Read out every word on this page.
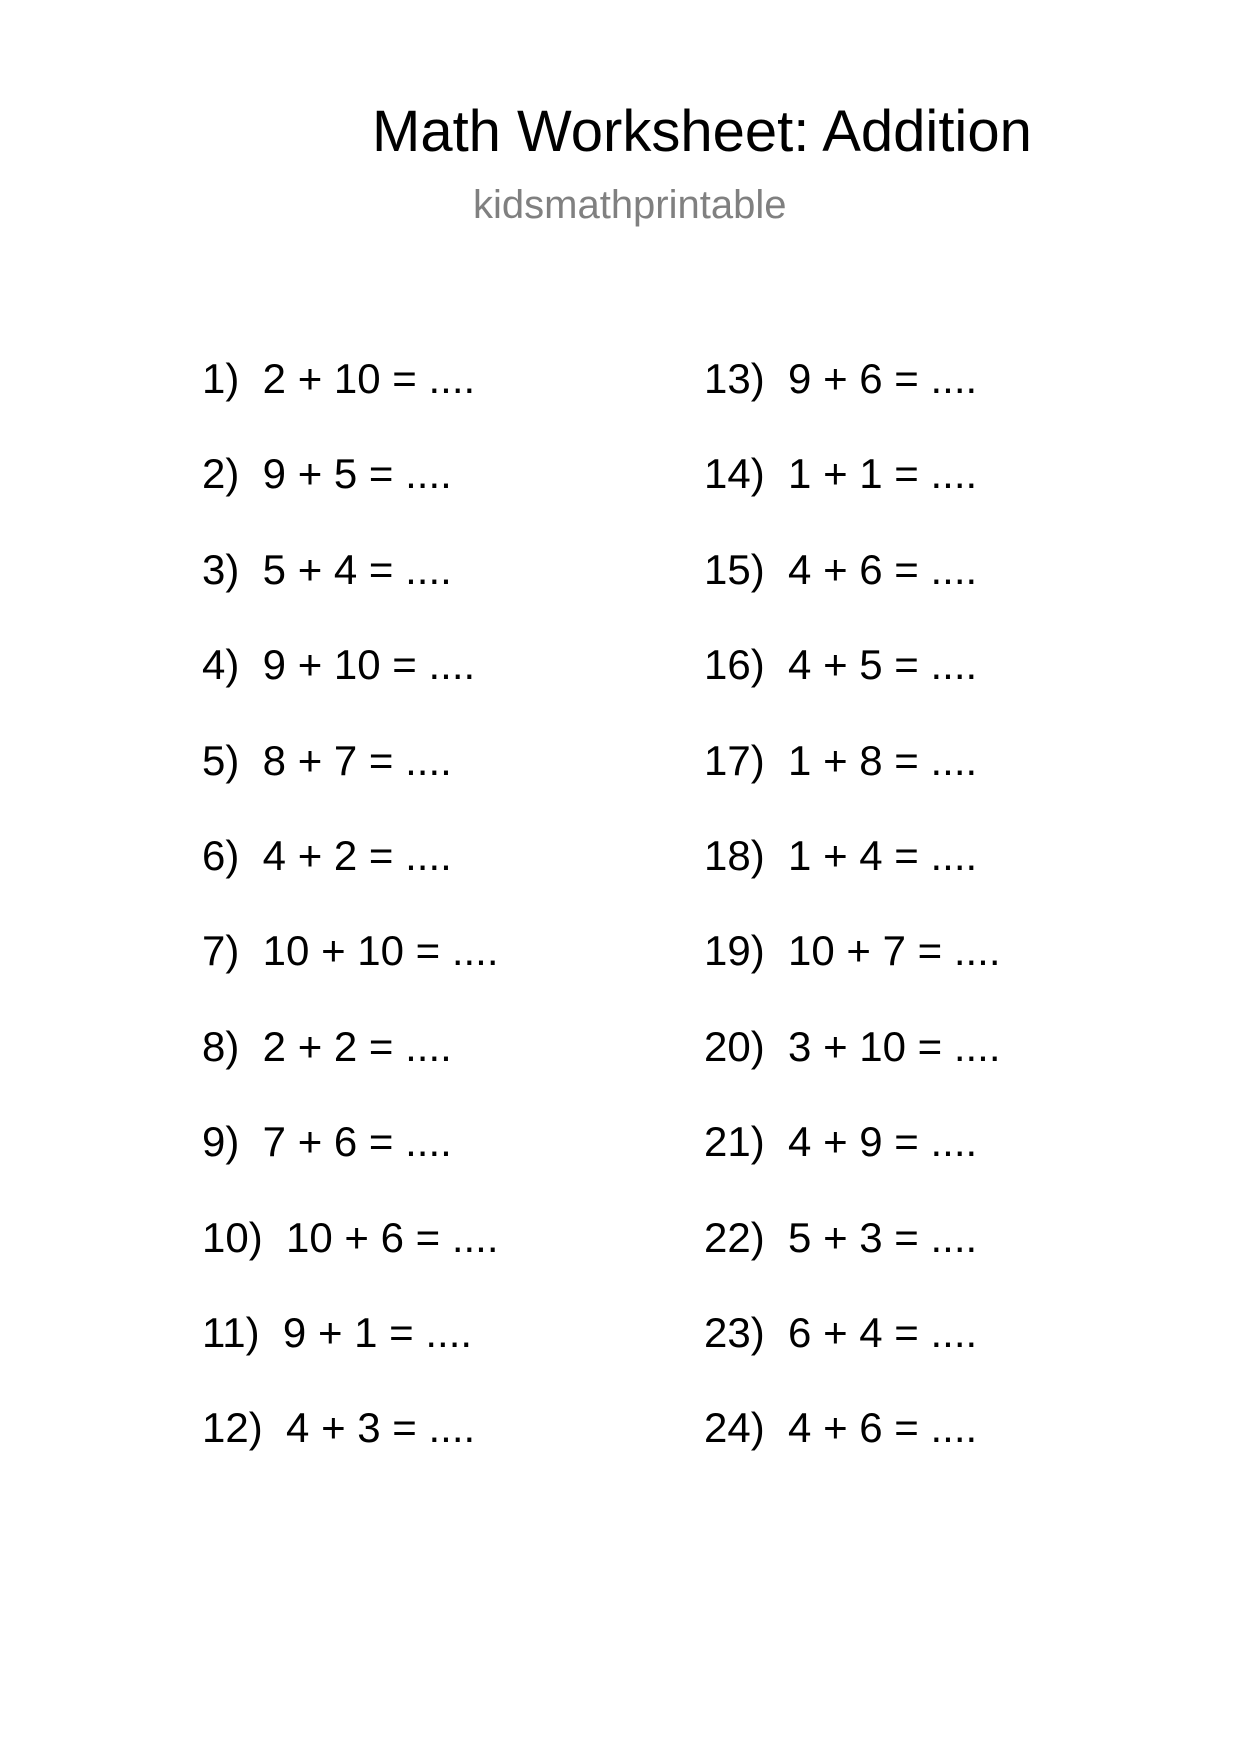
Math Worksheet: Addition
kidsmathprintable
1)  2 + 10 = ....
2)  9 + 5 = ....
3)  5 + 4 = ....
4)  9 + 10 = ....
5)  8 + 7 = ....
6)  4 + 2 = ....
7)  10 + 10 = ....
8)  2 + 2 = ....
9)  7 + 6 = ....
10)  10 + 6 = ....
11)  9 + 1 = ....
12)  4 + 3 = ....
13)  9 + 6 = ....
14)  1 + 1 = ....
15)  4 + 6 = ....
16)  4 + 5 = ....
17)  1 + 8 = ....
18)  1 + 4 = ....
19)  10 + 7 = ....
20)  3 + 10 = ....
21)  4 + 9 = ....
22)  5 + 3 = ....
23)  6 + 4 = ....
24)  4 + 6 = ....
